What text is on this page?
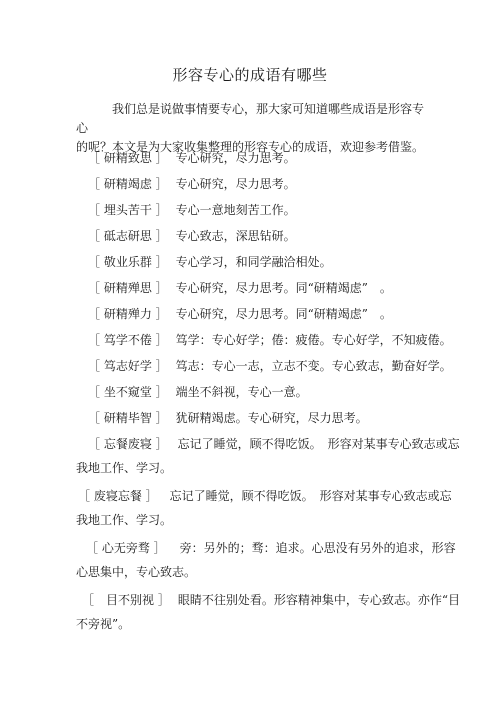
形容专心的成语有哪些
我们总是说做事情要专心，那大家可知道哪些成语是形容专心
的呢？本文是为大家收集整理的形容专心的成语，欢迎参考借鉴。
［ 研精致思 ］ 专心研究，尽力思考。
［ 研精竭虑 ］ 专心研究，尽力思考。
［ 埋头苦干 ］ 专心一意地刻苦工作。
［ 砥志研思 ］ 专心致志，深思钻研。
［ 敬业乐群 ］ 专心学习，和同学融洽相处。
［ 研精殚思 ］ 专心研究，尽力思考。同“研精竭虑”　。
［ 研精殚力 ］ 专心研究，尽力思考。同“研精竭虑”　。
［ 笃学不倦 ］ 笃学：专心好学；倦：疲倦。专心好学，不知疲倦。
［ 笃志好学 ］ 笃志：专心一志，立志不变。专心致志，勤奋好学。
［ 坐不窥堂 ］ 端坐不斜视，专心一意。
［ 研精毕智 ］ 犹研精竭虑。专心研究，尽力思考。
［ 忘餐废寝 ］ 忘记了睡觉，顾不得吃饭。　形容对某事专心致志或忘
我地工作、学习。
［ 废寝忘餐 ］ 忘记了睡觉，顾不得吃饭。　形容对某事专心致志或忘
我地工作、学习。
［ 心无旁骛 ］ 旁：另外的；骛：追求。心思没有另外的追求，形容
心思集中，专心致志。
［　目不别视 ］ 眼睛不往别处看。形容精神集中，专心致志。亦作“目
不旁视”。
